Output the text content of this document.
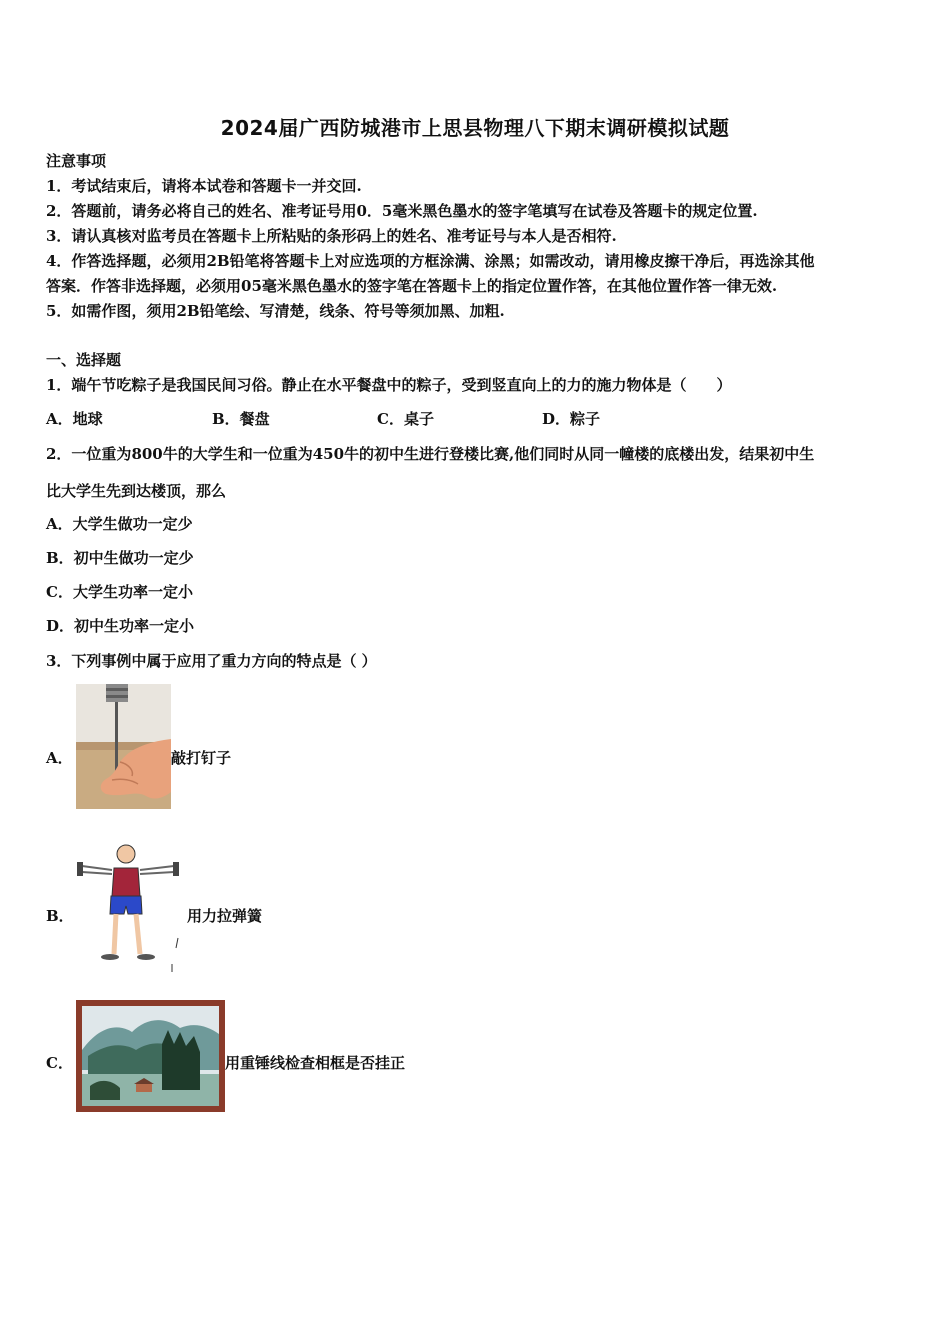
2024届广西防城港市上思县物理八下期末调研模拟试题
注意事项
1．考试结束后，请将本试卷和答题卡一并交回.
2．答题前，请务必将自己的姓名、准考证号用0．5毫米黑色墨水的签字笔填写在试卷及答题卡的规定位置.
3．请认真核对监考员在答题卡上所粘贴的条形码上的姓名、准考证号与本人是否相符.
4．作答选择题，必须用2B铅笔将答题卡上对应选项的方框涂满、涂黑；如需改动，请用橡皮擦干净后，再选涂其他
答案．作答非选择题，必须用05毫米黑色墨水的签字笔在答题卡上的指定位置作答，在其他位置作答一律无效.
5．如需作图，须用2B铅笔绘、写清楚，线条、符号等须加黑、加粗.
一、选择题
1．端午节吃粽子是我国民间习俗。静止在水平餐盘中的粽子，受到竖直向上的力的施力物体是（　　）
A．地球	B．餐盘	C．桌子	D．粽子
2．一位重为800牛的大学生和一位重为450牛的初中生进行登楼比赛,他们同时从同一幢楼的底楼出发，结果初中生
比大学生先到达楼顶，那么
A．大学生做功一定少
B．初中生做功一定少
C．大学生功率一定小
D．初中生功率一定小
3．下列事例中属于应用了重力方向的特点是（ ）
A．	敲打钉子
B．	用力拉弹簧
C．	用重锤线检查相框是否挂正
